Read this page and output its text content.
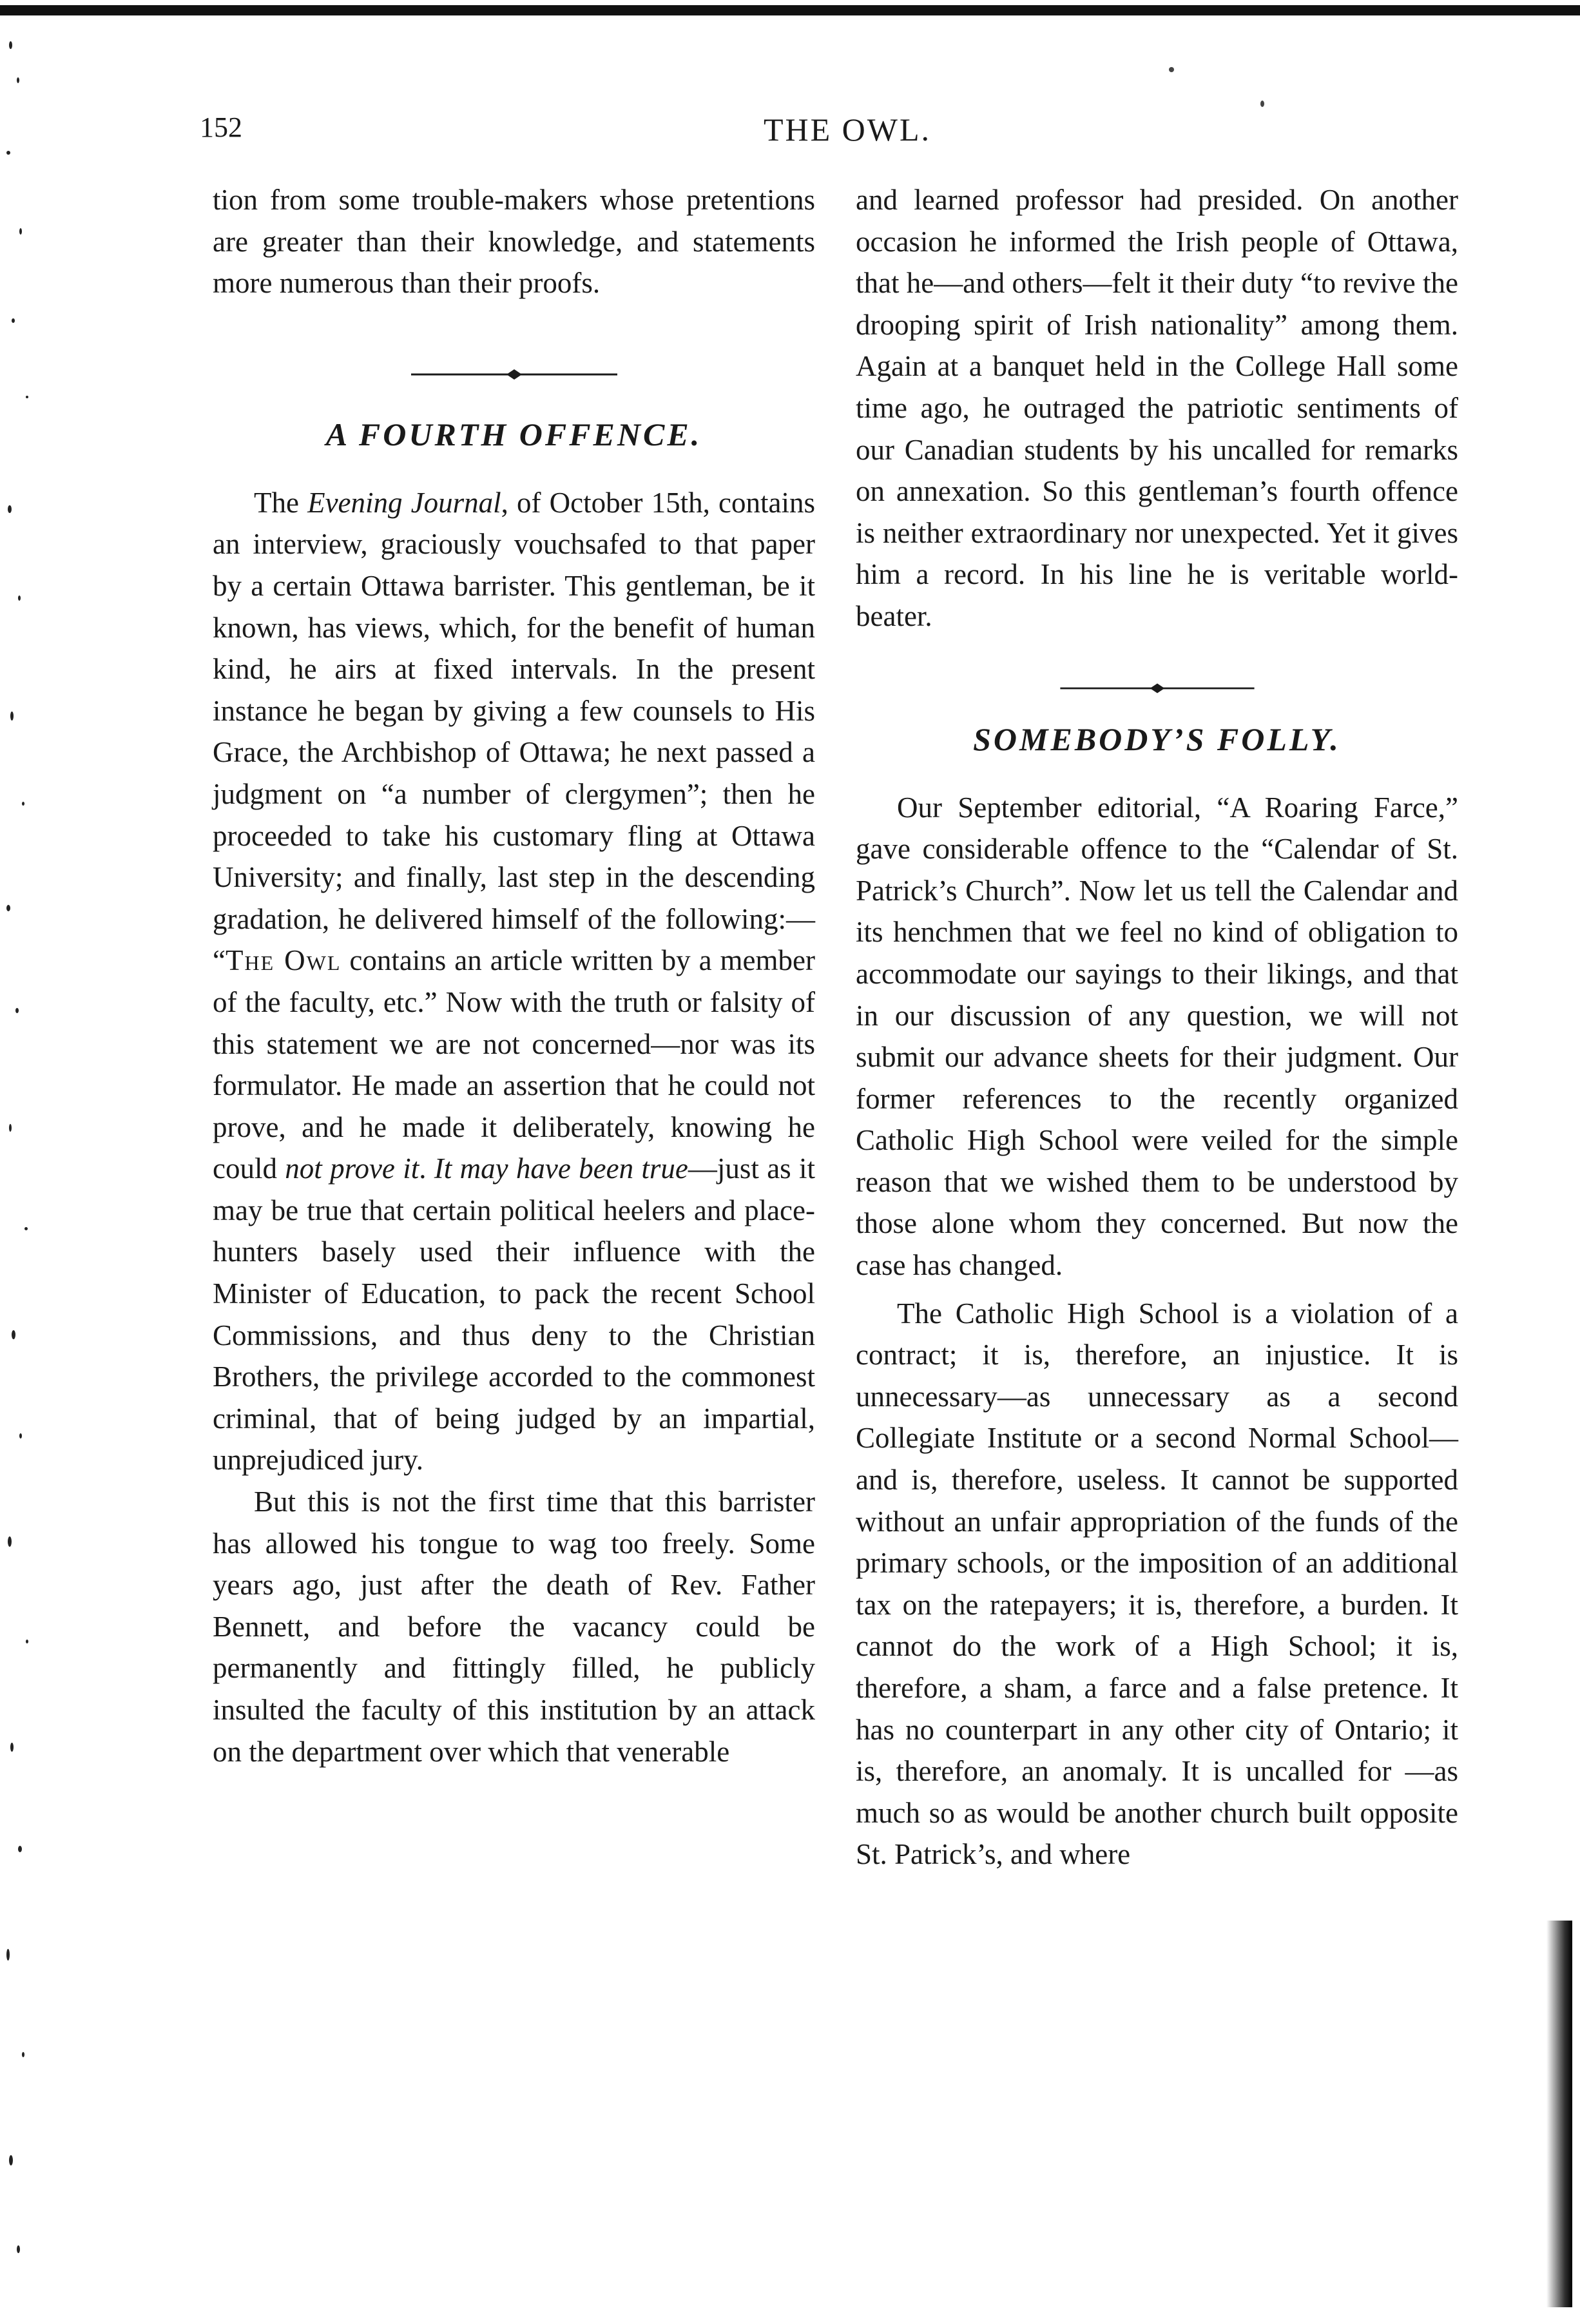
152	THE OWL.

tion from some trouble-makers whose pretentions are greater than their knowledge, and statements more numerous than their proofs.

A FOURTH OFFENCE.

The Evening Journal, of October 15th, contains an interview, graciously vouchsafed to that paper by a certain Ottawa barrister. This gentleman, be it known, has views, which, for the benefit of human kind, he airs at fixed intervals. In the present instance he began by giving a few counsels to His Grace, the Archbishop of Ottawa; he next passed a judgment on “a number of clergymen”; then he proceeded to take his customary fling at Ottawa University; and finally, last step in the descending gradation, he delivered himself of the following:— “The Owl contains an article written by a member of the faculty, etc.” Now with the truth or falsity of this statement we are not concerned—nor was its formulator. He made an assertion that he could not prove, and he made it deliberately, knowing he could not prove it. It may have been true—just as it may be true that certain political heelers and place-hunters basely used their influence with the Minister of Education, to pack the recent School Commissions, and thus deny to the Christian Brothers, the privilege accorded to the commonest criminal, that of being judged by an impartial, unprejudiced jury.

But this is not the first time that this barrister has allowed his tongue to wag too freely. Some years ago, just after the death of Rev. Father Bennett, and before the vacancy could be permanently and fittingly filled, he publicly insulted the faculty of this institution by an attack on the department over which that venerable

and learned professor had presided. On another occasion he informed the Irish people of Ottawa, that he—and others—felt it their duty “to revive the drooping spirit of Irish nationality” among them. Again at a banquet held in the College Hall some time ago, he outraged the patriotic sentiments of our Canadian students by his uncalled for remarks on annexation. So this gentleman’s fourth offence is neither extraordinary nor unexpected. Yet it gives him a record. In his line he is veritable world-beater.

SOMEBODY’S FOLLY.

Our September editorial, “A Roaring Farce,” gave considerable offence to the “Calendar of St. Patrick’s Church”. Now let us tell the Calendar and its henchmen that we feel no kind of obligation to accommodate our sayings to their likings, and that in our discussion of any question, we will not submit our advance sheets for their judgment. Our former references to the recently organized Catholic High School were veiled for the simple reason that we wished them to be understood by those alone whom they concerned. But now the case has changed.

The Catholic High School is a violation of a contract; it is, therefore, an injustice. It is unnecessary—as unnecessary as a second Collegiate Institute or a second Normal School—and is, therefore, useless. It cannot be supported without an unfair appropriation of the funds of the primary schools, or the imposition of an additional tax on the ratepayers; it is, therefore, a burden. It cannot do the work of a High School; it is, therefore, a sham, a farce and a false pretence. It has no counterpart in any other city of Ontario; it is, therefore, an anomaly. It is uncalled for —as much so as would be another church built opposite St. Patrick’s, and where
